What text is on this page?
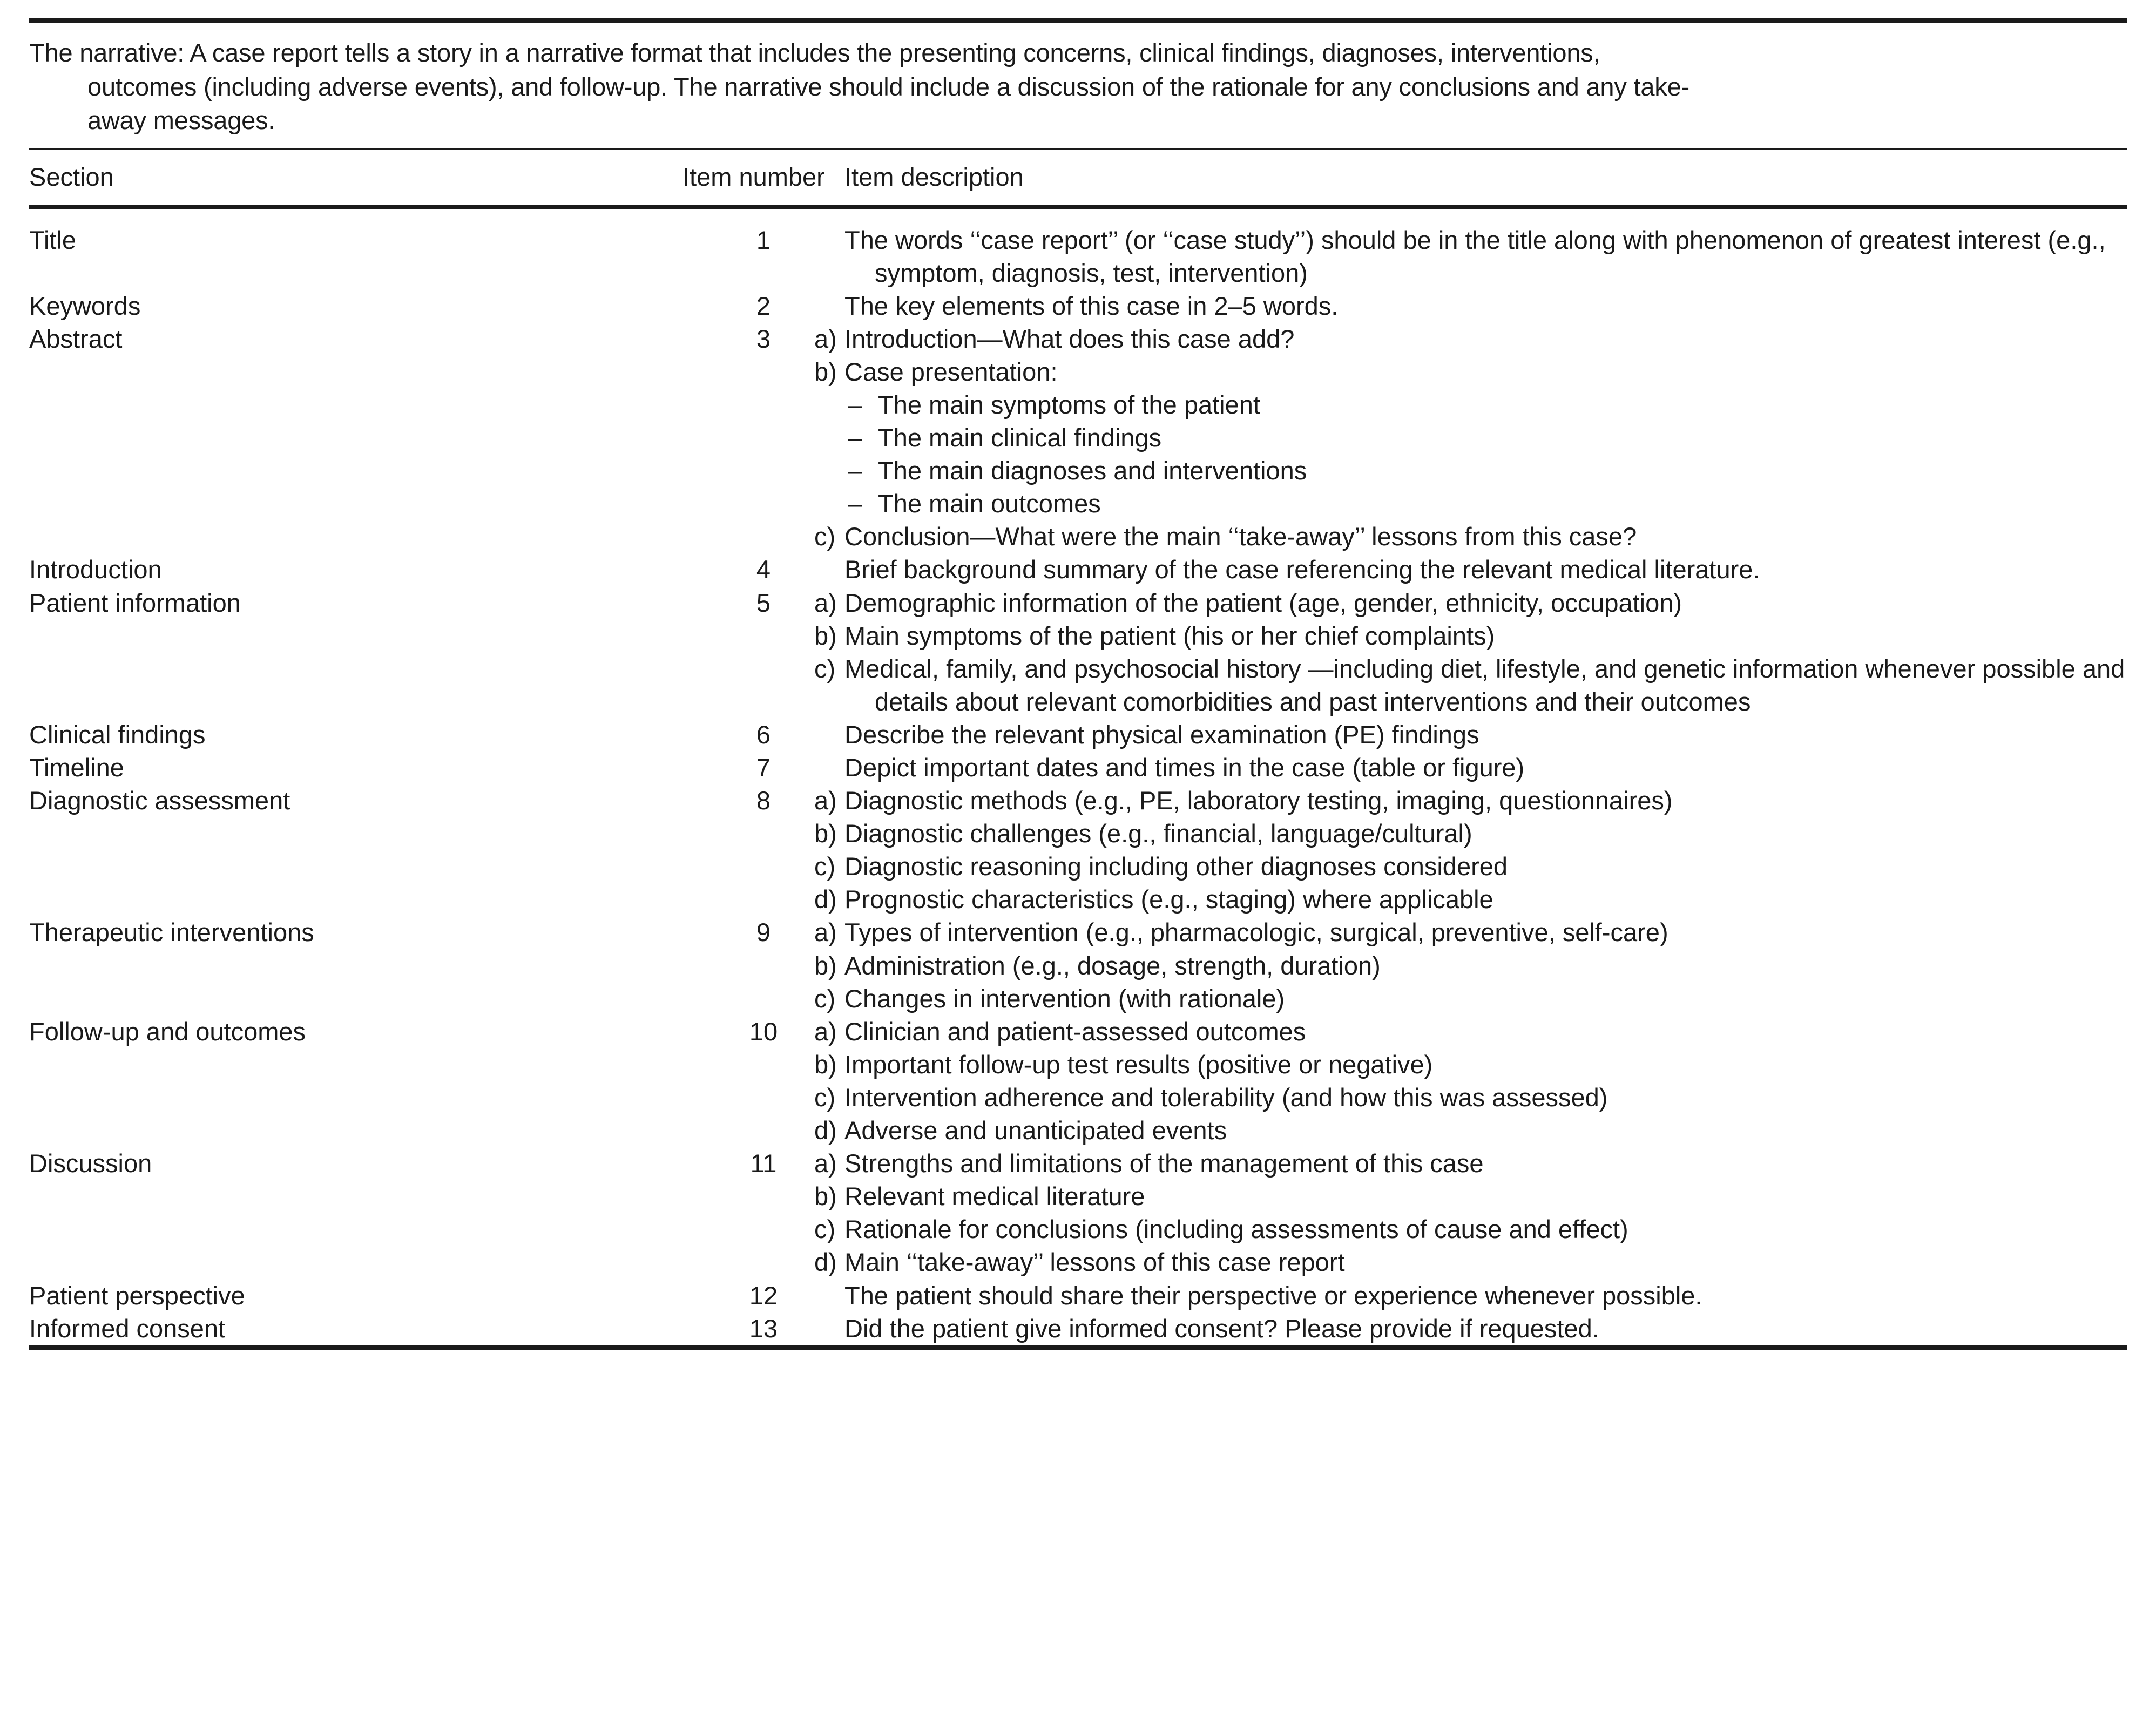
The narrative: A case report tells a story in a narrative format that includes the presenting concerns, clinical findings, diagnoses, interventions,
outcomes (including adverse events), and follow-up. The narrative should include a discussion of the rationale for any conclusions and any take-
away messages.
Section	Item number	Item description
Title	1	The words ‘‘case report’’ (or ‘‘case study’’) should be in the title along with phenomenon of greatest interest (e.g., symptom, diagnosis, test, intervention)

Keywords	2	The key elements of this case in 2–5 words.

Abstract	3	a) Introduction—What does this case add?
b) Case presentation:
–  The main symptoms of the patient
–  The main clinical findings
–  The main diagnoses and interventions
–  The main outcomes
c) Conclusion—What were the main ‘‘take-away’’ lessons from this case?

Introduction	4	Brief background summary of the case referencing the relevant medical literature.

Patient information	5	a) Demographic information of the patient (age, gender, ethnicity, occupation)
b) Main symptoms of the patient (his or her chief complaints)
c) Medical, family, and psychosocial history —including diet, lifestyle, and genetic information whenever possible and details about relevant comorbidities and past interventions and their outcomes

Clinical findings	6	Describe the relevant physical examination (PE) findings

Timeline	7	Depict important dates and times in the case (table or figure)

Diagnostic assessment	8	a) Diagnostic methods (e.g., PE, laboratory testing, imaging, questionnaires)
b) Diagnostic challenges (e.g., financial, language/cultural)
c) Diagnostic reasoning including other diagnoses considered
d) Prognostic characteristics (e.g., staging) where applicable

Therapeutic interventions	9	a) Types of intervention (e.g., pharmacologic, surgical, preventive, self-care)
b) Administration (e.g., dosage, strength, duration)
c) Changes in intervention (with rationale)

Follow-up and outcomes	10	a) Clinician and patient-assessed outcomes
b) Important follow-up test results (positive or negative)
c) Intervention adherence and tolerability (and how this was assessed)
d) Adverse and unanticipated events

Discussion	11	a) Strengths and limitations of the management of this case
b) Relevant medical literature
c) Rationale for conclusions (including assessments of cause and effect)
d) Main ‘‘take-away’’ lessons of this case report

Patient perspective	12	The patient should share their perspective or experience whenever possible.

Informed consent	13	Did the patient give informed consent? Please provide if requested.
